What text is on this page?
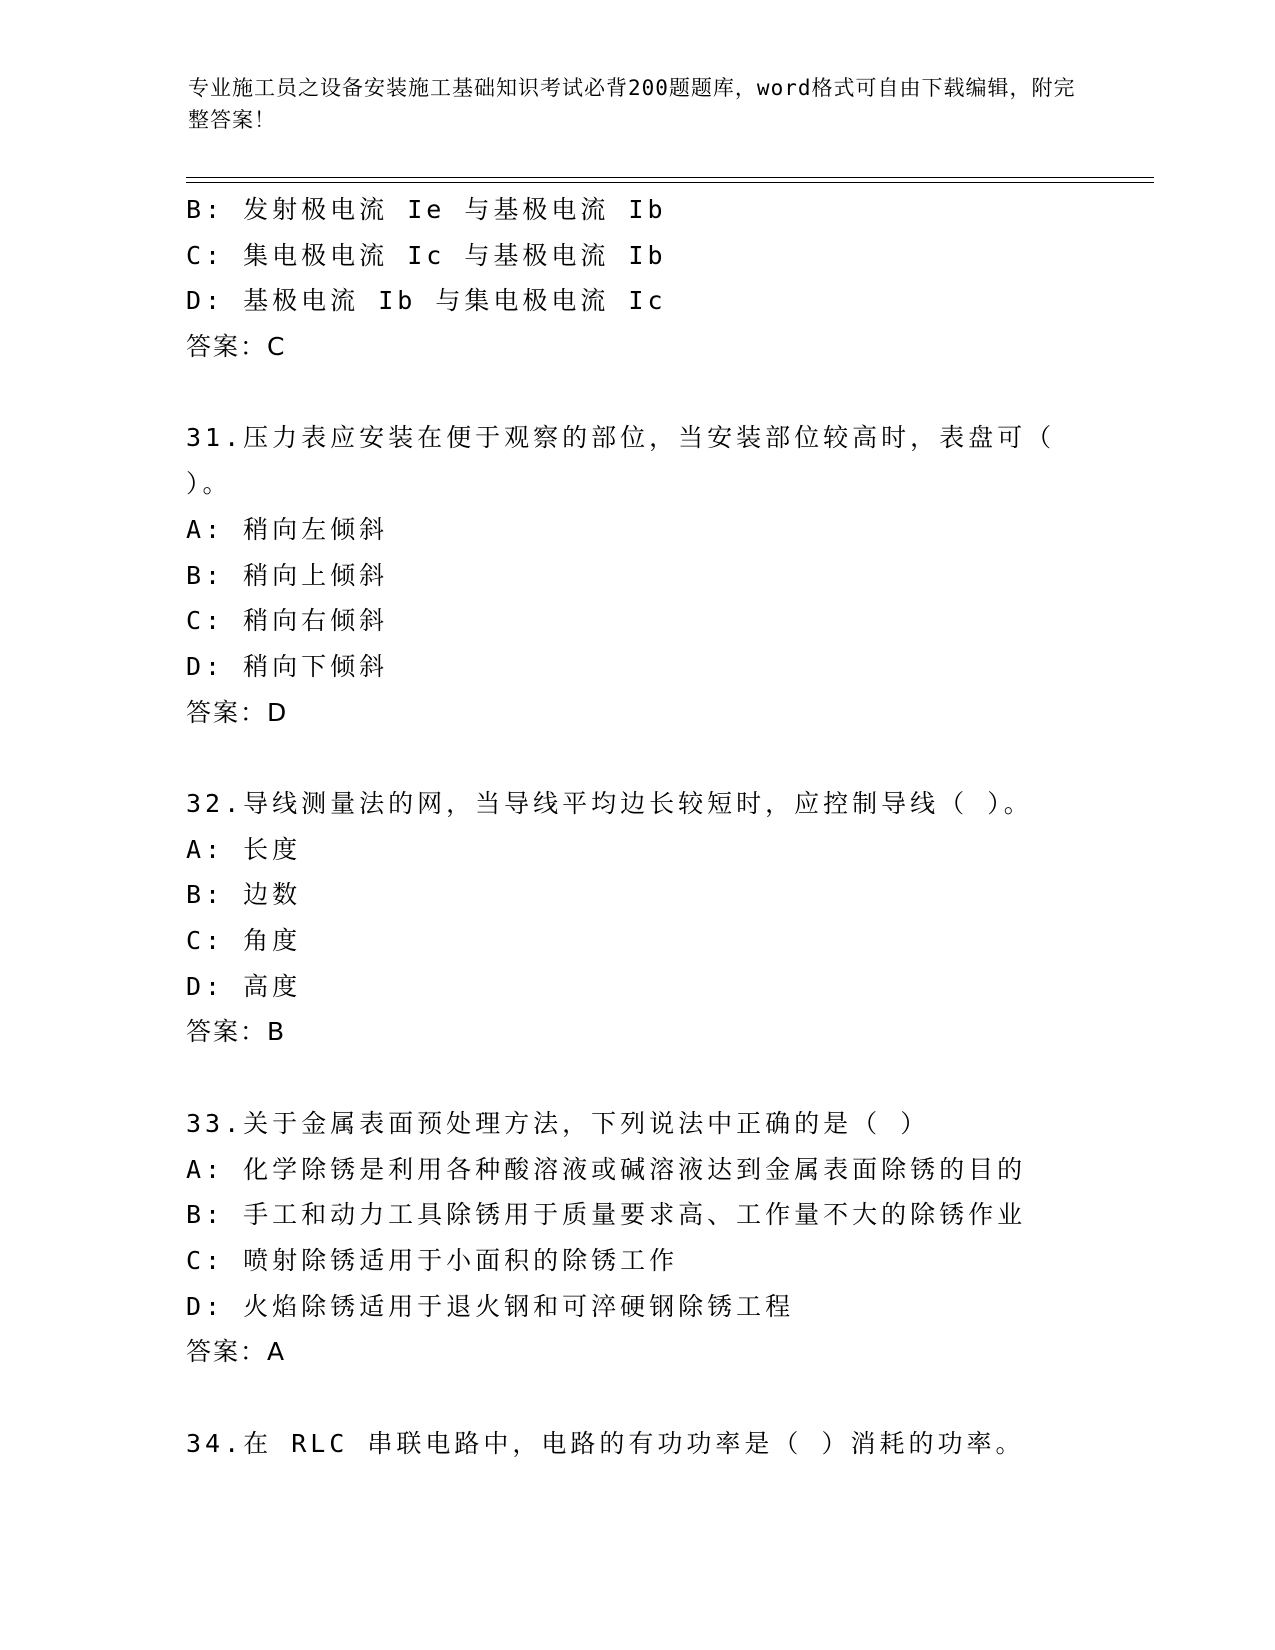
专业施工员之设备安装施工基础知识考试必背200题题库，word格式可自由下载编辑，附完整答案！
B: 发射极电流 Ie 与基极电流 Ib
C: 集电极电流 Ic 与基极电流 Ib
D: 基极电流 Ib 与集电极电流 Ic
答案：C
31.压力表应安装在便于观察的部位，当安装部位较高时，表盘可（ ）。
A: 稍向左倾斜
B: 稍向上倾斜
C: 稍向右倾斜
D: 稍向下倾斜
答案：D
32.导线测量法的网，当导线平均边长较短时，应控制导线（ ）。
A: 长度
B: 边数
C: 角度
D: 高度
答案：B
33.关于金属表面预处理方法，下列说法中正确的是（ ）
A: 化学除锈是利用各种酸溶液或碱溶液达到金属表面除锈的目的
B: 手工和动力工具除锈用于质量要求高、工作量不大的除锈作业
C: 喷射除锈适用于小面积的除锈工作
D: 火焰除锈适用于退火钢和可淬硬钢除锈工程
答案：A
34.在 RLC 串联电路中，电路的有功功率是（ ）消耗的功率。
